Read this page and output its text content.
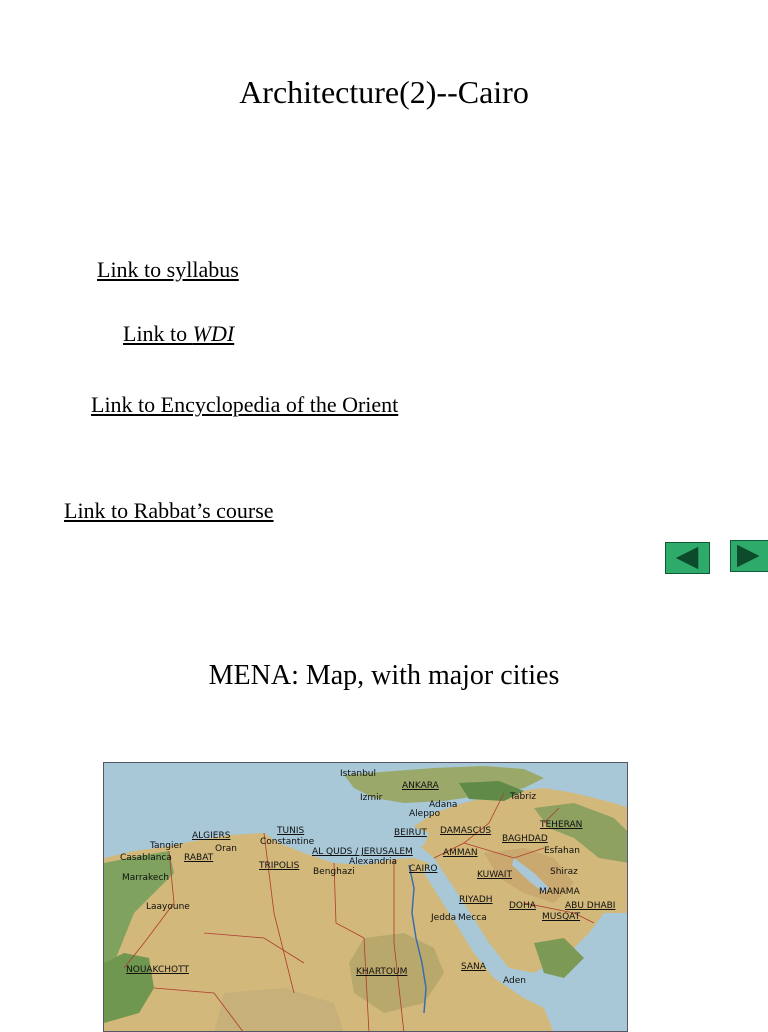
Architecture(2)--Cairo
Link to syllabus
Link to WDI
Link to Encyclopedia of the Orient
Link to Rabbat’s course
MENA: Map, with major cities
Istanbul
Izmir
ANKARA
Adana
Aleppo
Tabriz
TEHERAN
BAGHDAD
Esfahan
DAMASCUS
BEIRUT
AMMAN
AL QUDS / JERUSALEM
Alexandria
CAIRO
KUWAIT	Shiraz
MANAMA
RIYADH
DOHA	ABU DHABI
MUSQAT
Jedda Mecca
SANA
Aden
KHARTOUM
TUNIS
Constantine
ALGIERS
Tangier	Oran
Casablanca RABAT
TRIPOLIS
Benghazi
Marrakech
Laayoune
NOUAKCHOTT
